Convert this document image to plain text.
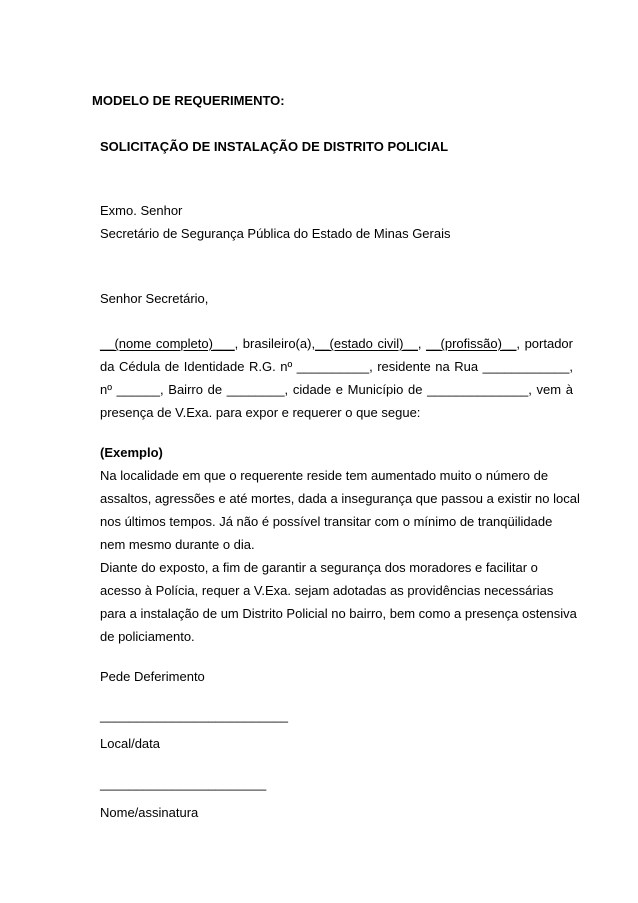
MODELO DE REQUERIMENTO:
SOLICITAÇÃO DE INSTALAÇÃO DE DISTRITO POLICIAL
Exmo. Senhor
Secretário de Segurança Pública do Estado de Minas Gerais
Senhor Secretário,
__(nome completo)___, brasileiro(a),__(estado civil)__, __(profissão)__, portador
da Cédula de Identidade R.G. nº __________, residente na Rua ____________,
nº ______, Bairro de ________, cidade e Município de ______________, vem à
presença de V.Exa. para expor e requerer o que segue:
(Exemplo)
Na localidade em que o requerente reside tem aumentado muito o número de
assaltos, agressões e até mortes, dada a insegurança que passou a existir no local
nos últimos tempos. Já não é possível transitar com o mínimo de tranqüilidade
nem mesmo durante o dia.
Diante do exposto, a fim de garantir a segurança dos moradores e facilitar o
acesso à Polícia, requer a V.Exa. sejam adotadas as providências necessárias
para a instalação de um Distrito Policial no bairro, bem como a presença ostensiva
de policiamento.
Pede Deferimento
__________________________
Local/data
_______________________
Nome/assinatura
